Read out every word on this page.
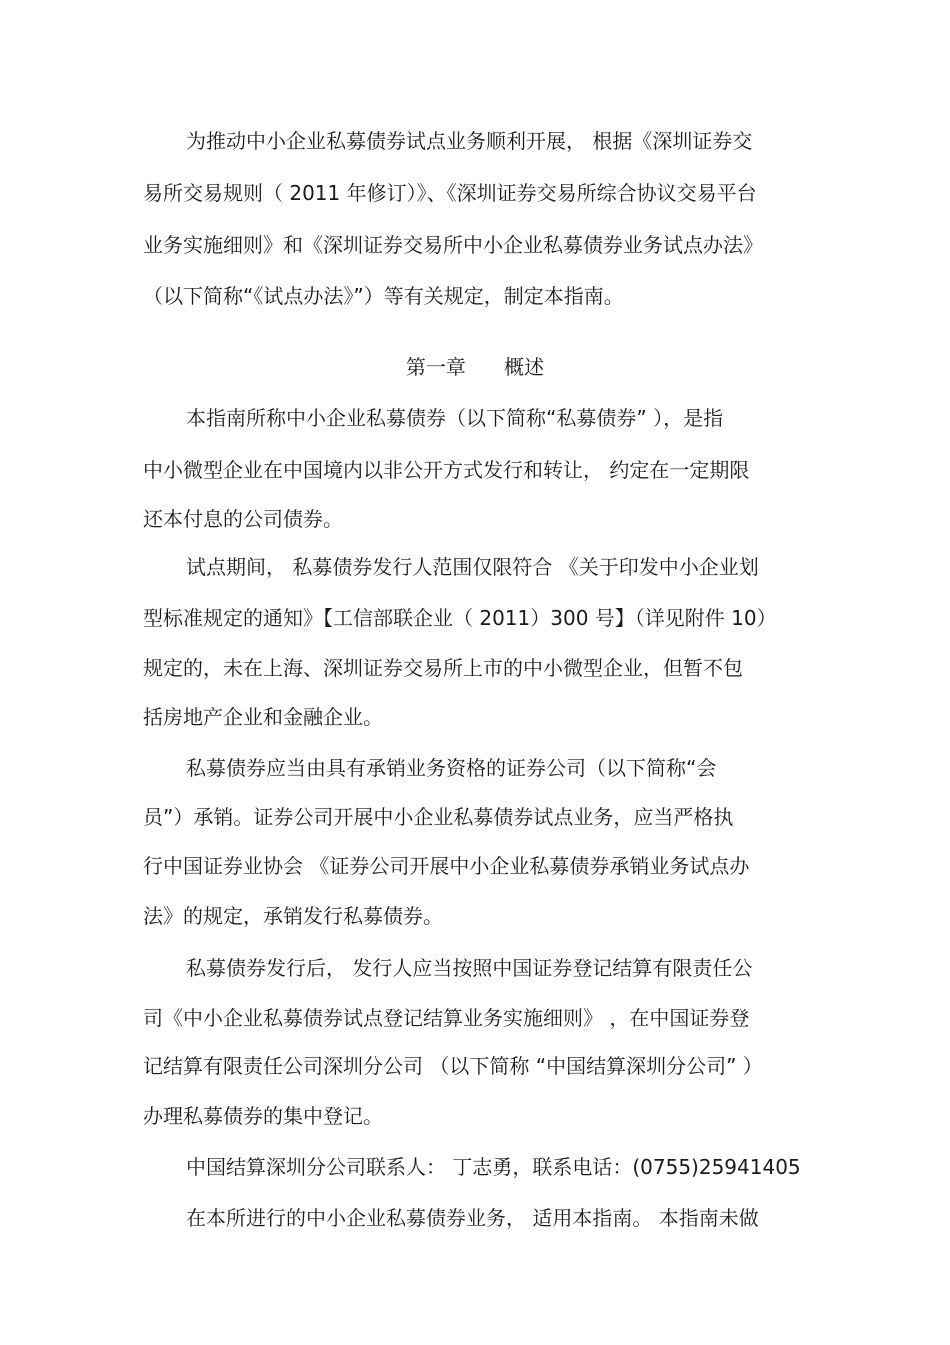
为推动中小企业私募债券试点业务顺利开展， 根据《深圳证券交
易所交易规则（ 2011 年修订）》、《深圳证券交易所综合协议交易平台
业务实施细则》和《深圳证券交易所中小企业私募债券业务试点办法》
（以下简称“《试点办法》”）等有关规定，制定本指南。
第一章      概述
本指南所称中小企业私募债券（以下简称“私募债券” ），是指
中小微型企业在中国境内以非公开方式发行和转让， 约定在一定期限
还本付息的公司债券。
试点期间， 私募债券发行人范围仅限符合 《关于印发中小企业划
型标准规定的通知》【工信部联企业（ 2011）300 号】（详见附件 10）
规定的，未在上海、深圳证券交易所上市的中小微型企业，但暂不包
括房地产企业和金融企业。
私募债券应当由具有承销业务资格的证券公司（以下简称“会
员”）承销。证券公司开展中小企业私募债券试点业务，应当严格执
行中国证券业协会 《证券公司开展中小企业私募债券承销业务试点办
法》的规定，承销发行私募债券。
私募债券发行后， 发行人应当按照中国证券登记结算有限责任公
司《中小企业私募债券试点登记结算业务实施细则》 ，在中国证券登
记结算有限责任公司深圳分公司 （以下简称 “中国结算深圳分公司” ）
办理私募债券的集中登记。
中国结算深圳分公司联系人： 丁志勇，联系电话：(0755)25941405
在本所进行的中小企业私募债券业务， 适用本指南。 本指南未做
